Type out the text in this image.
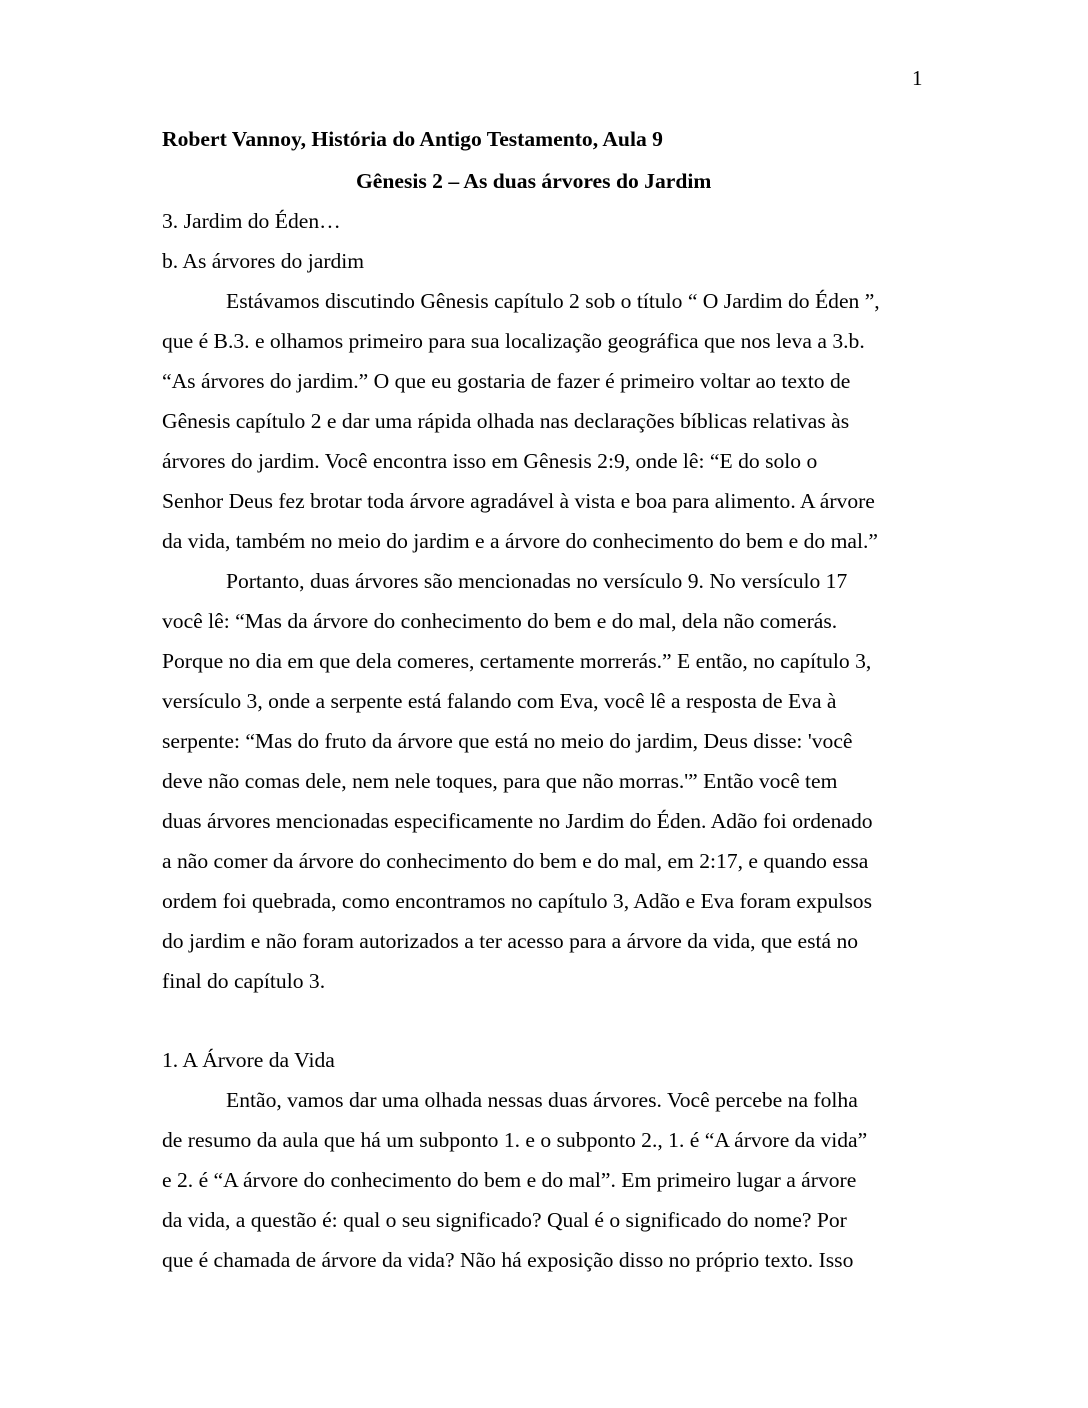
1
Robert Vannoy, História do Antigo Testamento, Aula 9
Gênesis 2 – As duas árvores do Jardim
3. Jardim do Éden…
b. As árvores do jardim
Estávamos discutindo Gênesis capítulo 2 sob o título “ O Jardim do Éden ”,
que é B.3. e olhamos primeiro para sua localização geográfica que nos leva a 3.b.
“As árvores do jardim.” O que eu gostaria de fazer é primeiro voltar ao texto de
Gênesis capítulo 2 e dar uma rápida olhada nas declarações bíblicas relativas às
árvores do jardim. Você encontra isso em Gênesis 2:9, onde lê: “E do solo o
Senhor Deus fez brotar toda árvore agradável à vista e boa para alimento. A árvore
da vida, também no meio do jardim e a árvore do conhecimento do bem e do mal.”
Portanto, duas árvores são mencionadas no versículo 9. No versículo 17
você lê: “Mas da árvore do conhecimento do bem e do mal, dela não comerás.
Porque no dia em que dela comeres, certamente morrerás.” E então, no capítulo 3,
versículo 3, onde a serpente está falando com Eva, você lê a resposta de Eva à
serpente: “Mas do fruto da árvore que está no meio do jardim, Deus disse: 'você
deve não comas dele, nem nele toques, para que não morras.'” Então você tem
duas árvores mencionadas especificamente no Jardim do Éden. Adão foi ordenado
a não comer da árvore do conhecimento do bem e do mal, em 2:17, e quando essa
ordem foi quebrada, como encontramos no capítulo 3, Adão e Eva foram expulsos
do jardim e não foram autorizados a ter acesso para a árvore da vida, que está no
final do capítulo 3.
1. A Árvore da Vida
Então, vamos dar uma olhada nessas duas árvores. Você percebe na folha
de resumo da aula que há um subponto 1. e o subponto 2., 1. é “A árvore da vida”
e 2. é “A árvore do conhecimento do bem e do mal”. Em primeiro lugar a árvore
da vida, a questão é: qual o seu significado? Qual é o significado do nome? Por
que é chamada de árvore da vida? Não há exposição disso no próprio texto. Isso
